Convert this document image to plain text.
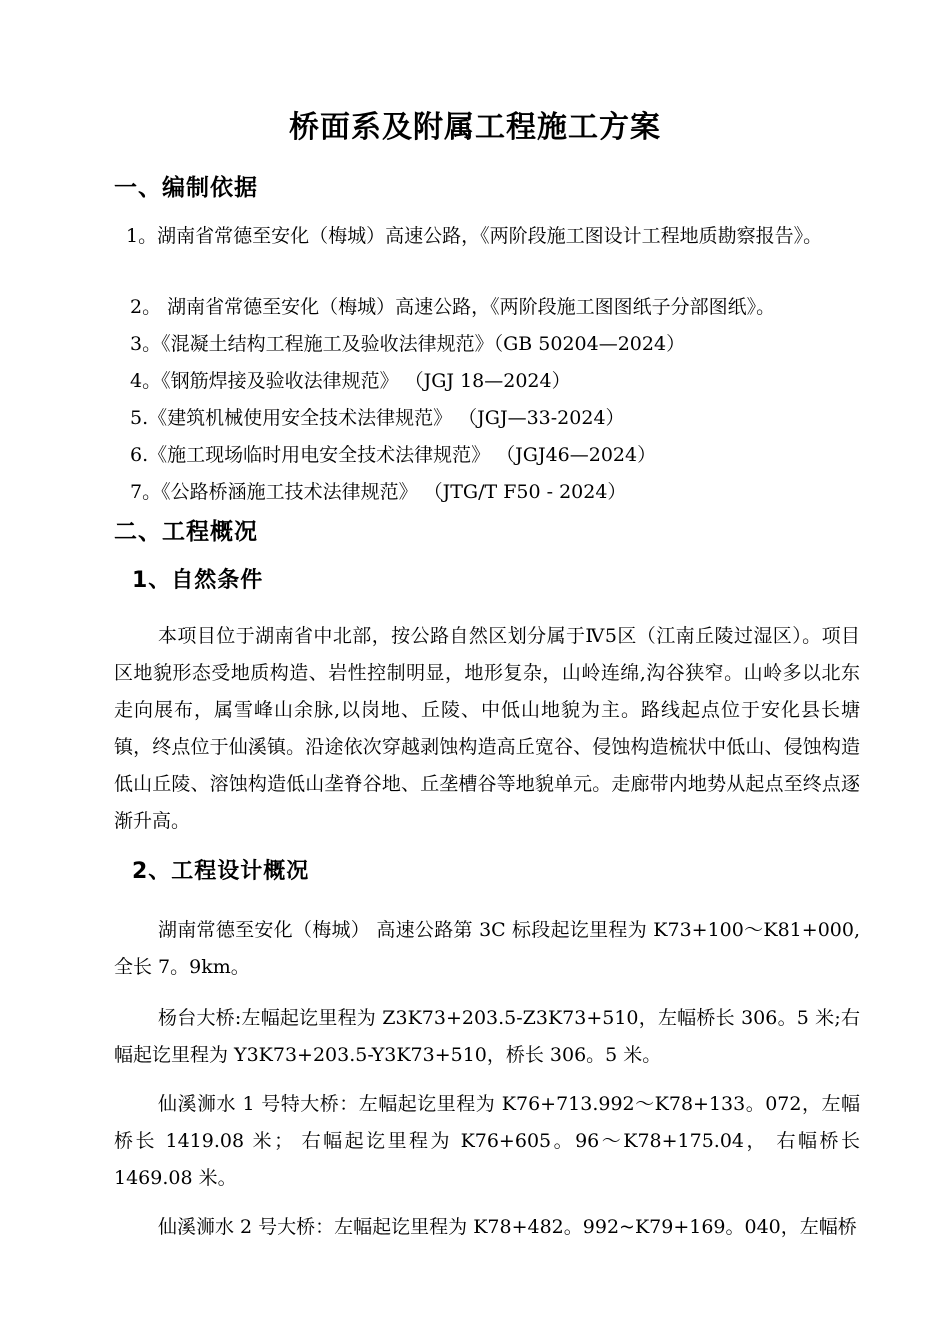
桥面系及附属工程施工方案
一、编制依据
1。湖南省常德至安化（梅城）高速公路，《两阶段施工图设计工程地质勘察报告》。
2。 湖南省常德至安化（梅城）高速公路，《两阶段施工图图纸子分部图纸》。
3。《混凝土结构工程施工及验收法律规范》（GB 50204—2024）
4。《钢筋焊接及验收法律规范》 （JGJ 18—2024）
5.《建筑机械使用安全技术法律规范》 （JGJ—33-2024）
6.《施工现场临时用电安全技术法律规范》 （JGJ46—2024）
7。《公路桥涵施工技术法律规范》 （JTG/T F50 - 2024）
二、工程概况
1、自然条件
本项目位于湖南省中北部，按公路自然区划分属于Ⅳ5区（江南丘陵过湿区）。项目区地貌形态受地质构造、岩性控制明显，地形复杂，山岭连绵,沟谷狭窄。山岭多以北东走向展布，属雪峰山余脉,以岗地、丘陵、中低山地貌为主。路线起点位于安化县长塘镇，终点位于仙溪镇。沿途依次穿越剥蚀构造高丘宽谷、侵蚀构造梳状中低山、侵蚀构造低山丘陵、溶蚀构造低山垄脊谷地、丘垄槽谷等地貌单元。走廊带内地势从起点至终点逐渐升高。
2、工程设计概况
湖南常德至安化（梅城） 高速公路第 3C 标段起讫里程为 K73+100～K81+000, 全长 7。9km。
杨台大桥:左幅起讫里程为 Z3K73+203.5-Z3K73+510，左幅桥长 306。5 米;右幅起讫里程为 Y3K73+203.5-Y3K73+510，桥长 306。5 米。
仙溪浉水 1 号特大桥：左幅起讫里程为 K76+713.992～K78+133。072，左幅桥长 1419.08 米； 右幅起讫里程为 K76+605。96～K78+175.04， 右幅桥长1469.08 米。
仙溪浉水 2 号大桥：左幅起讫里程为 K78+482。992~K79+169。040，左幅桥
